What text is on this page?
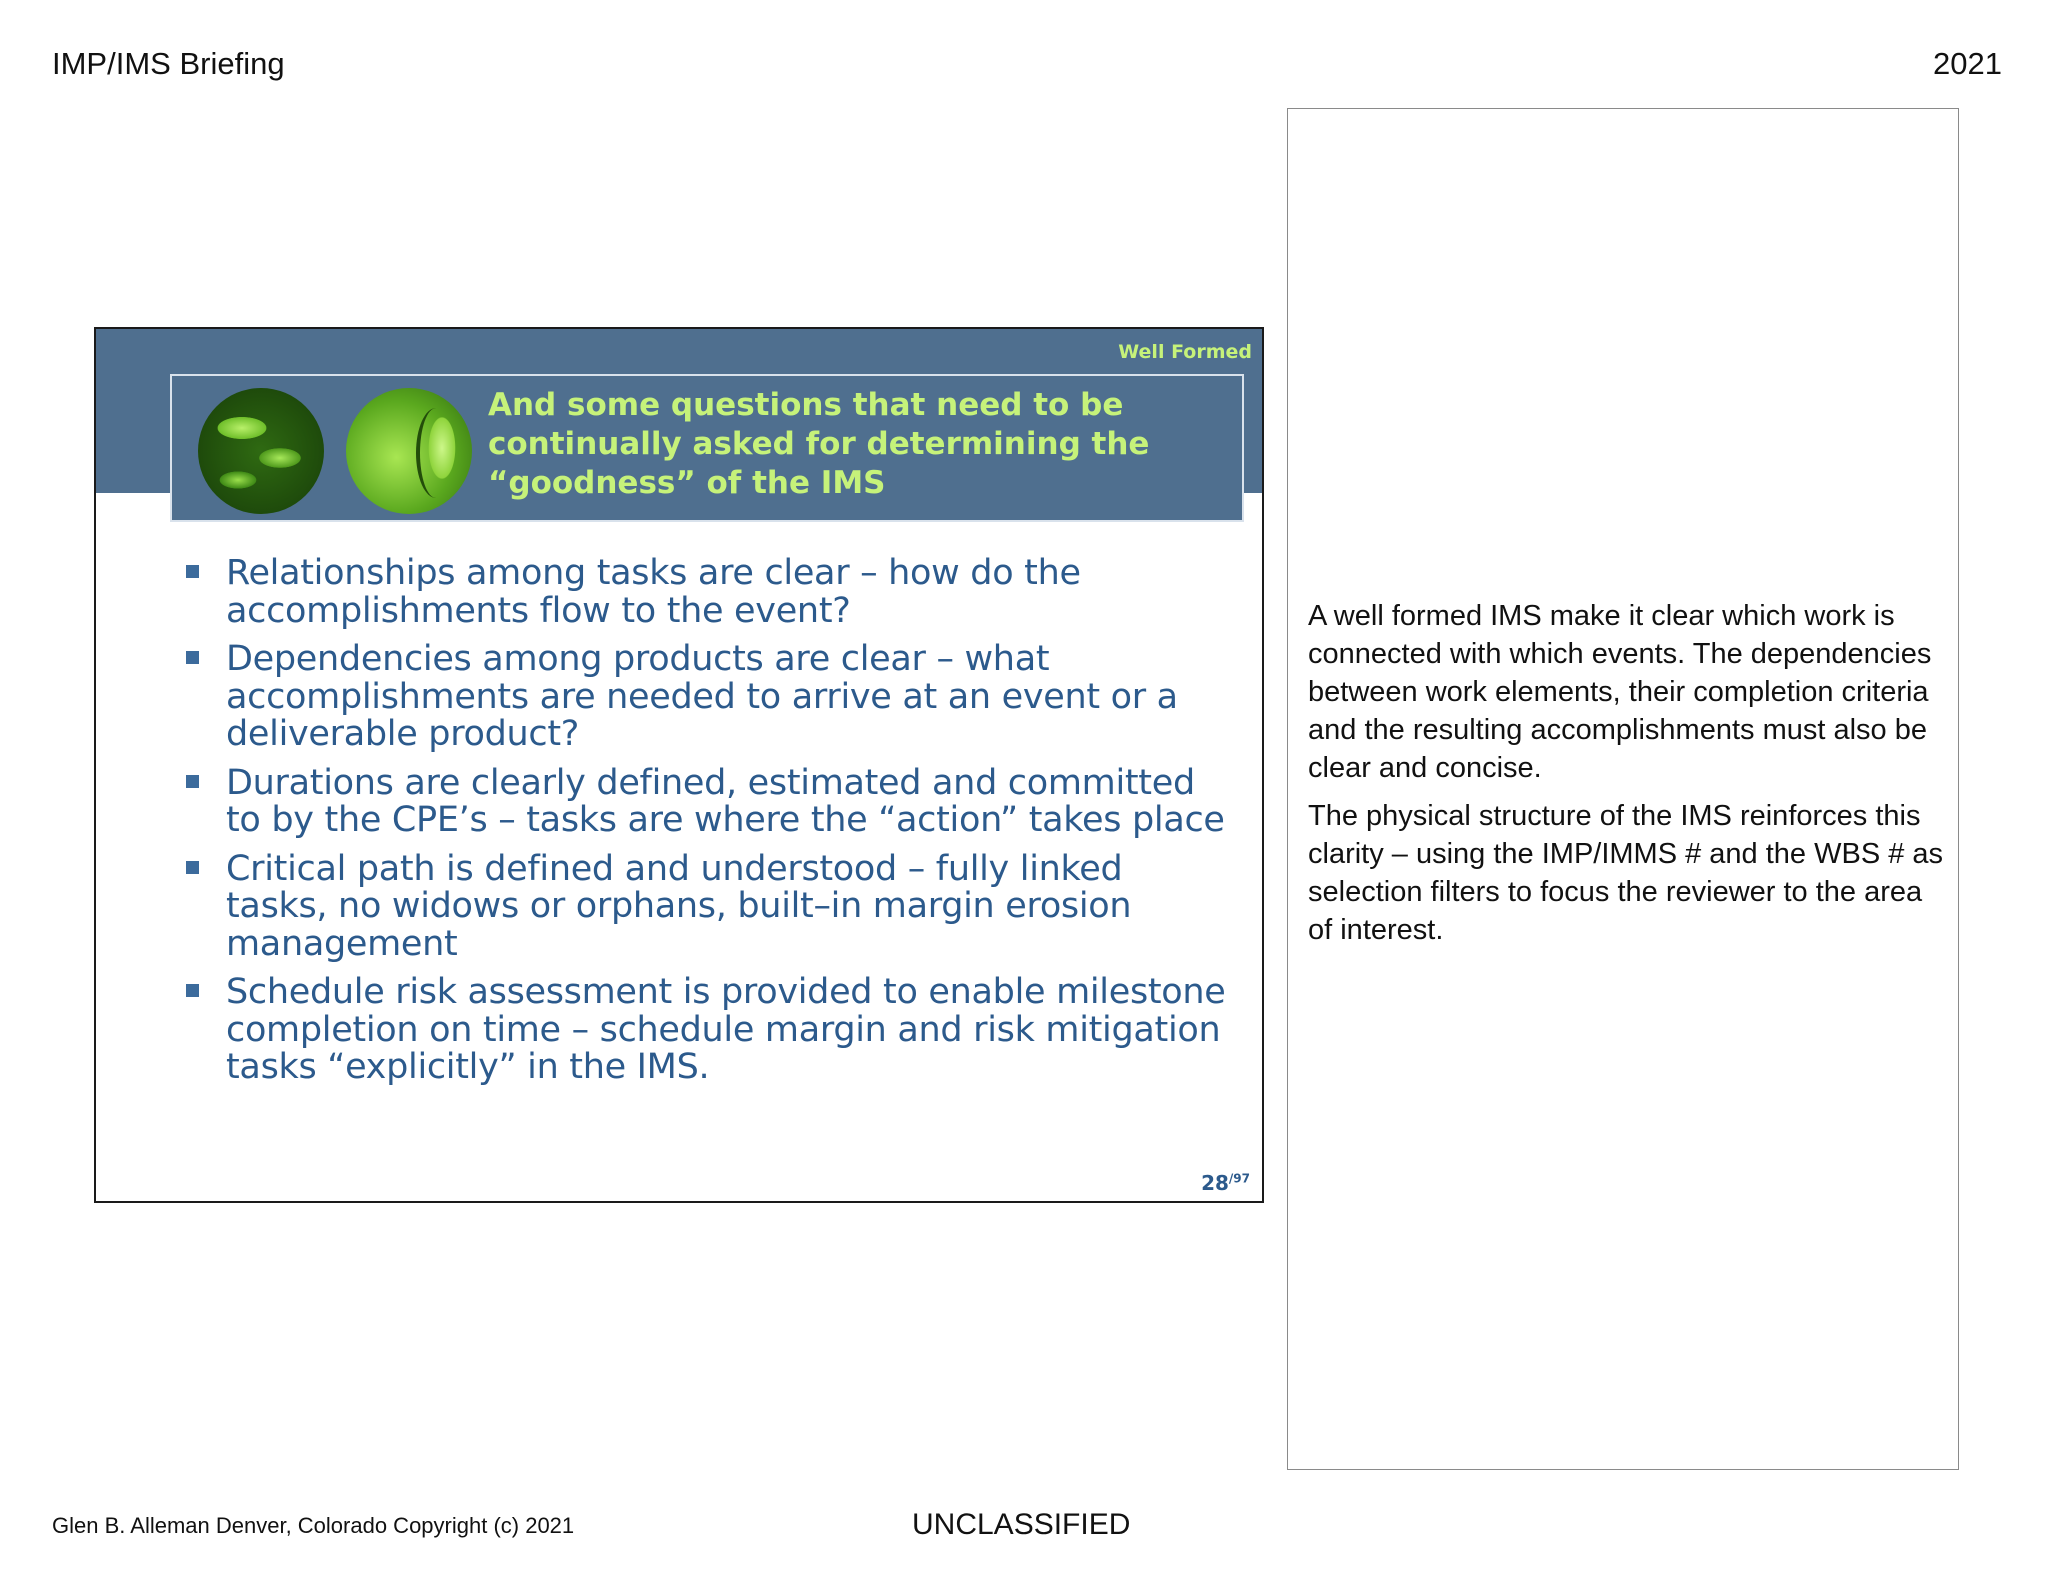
IMP/IMS Briefing	2021
Well Formed
And some questions that need to be continually asked for determining the “goodness” of the IMS
Relationships among tasks are clear – how do the accomplishments flow to the event?
Dependencies among products are clear – what accomplishments are needed to arrive at an event or a deliverable product?
Durations are clearly defined, estimated and committed to by the CPE’s – tasks are where the “action” takes place
Critical path is defined and understood – fully linked tasks, no widows or orphans, built–in margin erosion management
Schedule risk assessment is provided to enable milestone completion on time – schedule margin and risk mitigation tasks “explicitly” in the IMS.
$28^{/97}$

A well formed IMS make it clear which work is connected with which events. The dependencies between work elements, their completion criteria and the resulting accomplishments must also be clear and concise.

The physical structure of the IMS reinforces this clarity – using the IMP/IMMS # and the WBS # as selection filters to focus the reviewer to the area of interest.

Glen B. Alleman Denver, Colorado Copyright (c) 2021	UNCLASSIFIED
